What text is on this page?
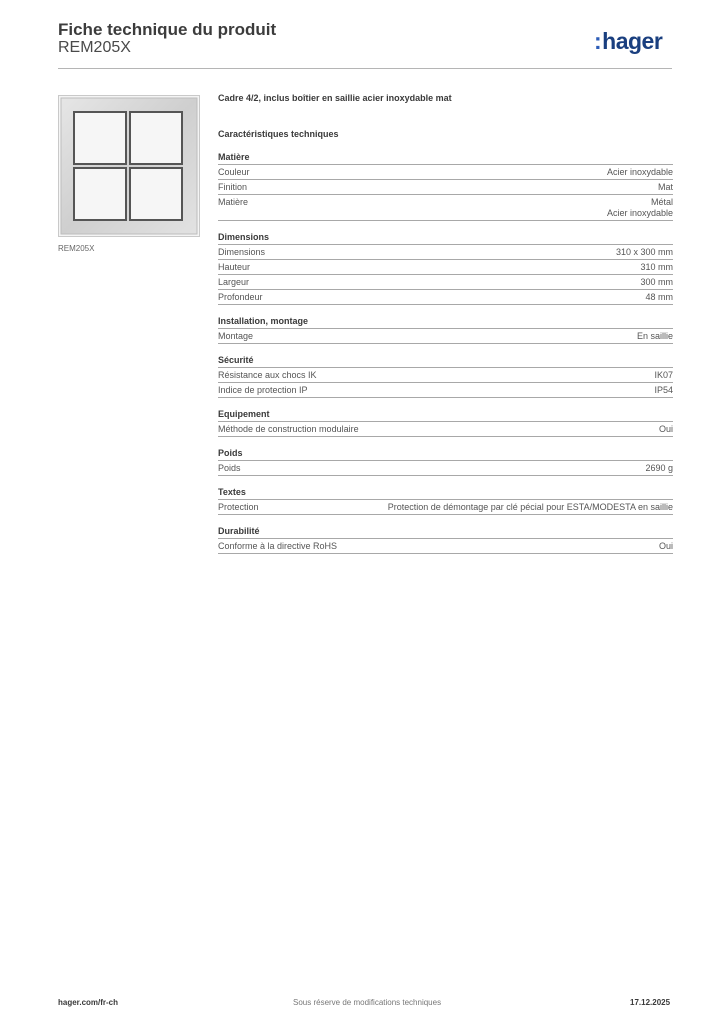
Fiche technique du produit
REM205X	:hager
REM205X
Cadre 4/2, inclus boîtier en saillie acier inoxydable mat
Caractéristiques techniques
Matière
Couleur	Acier inoxydable
Finition	Mat
Matière	Métal
Acier inoxydable
Dimensions
Dimensions	310 x 300 mm
Hauteur	310 mm
Largeur	300 mm
Profondeur	48 mm
Installation, montage
Montage	En saillie
Sécurité
Résistance aux chocs IK	IK07
Indice de protection IP	IP54
Equipement
Méthode de construction modulaire	Oui
Poids
Poids	2690 g
Textes
Protection	Protection de démontage par clé pécial pour ESTA/MODESTA en saillie
Durabilité
Conforme à la directive RoHS	Oui
hager.com/fr-ch	Sous réserve de modifications techniques	17.12.2025
